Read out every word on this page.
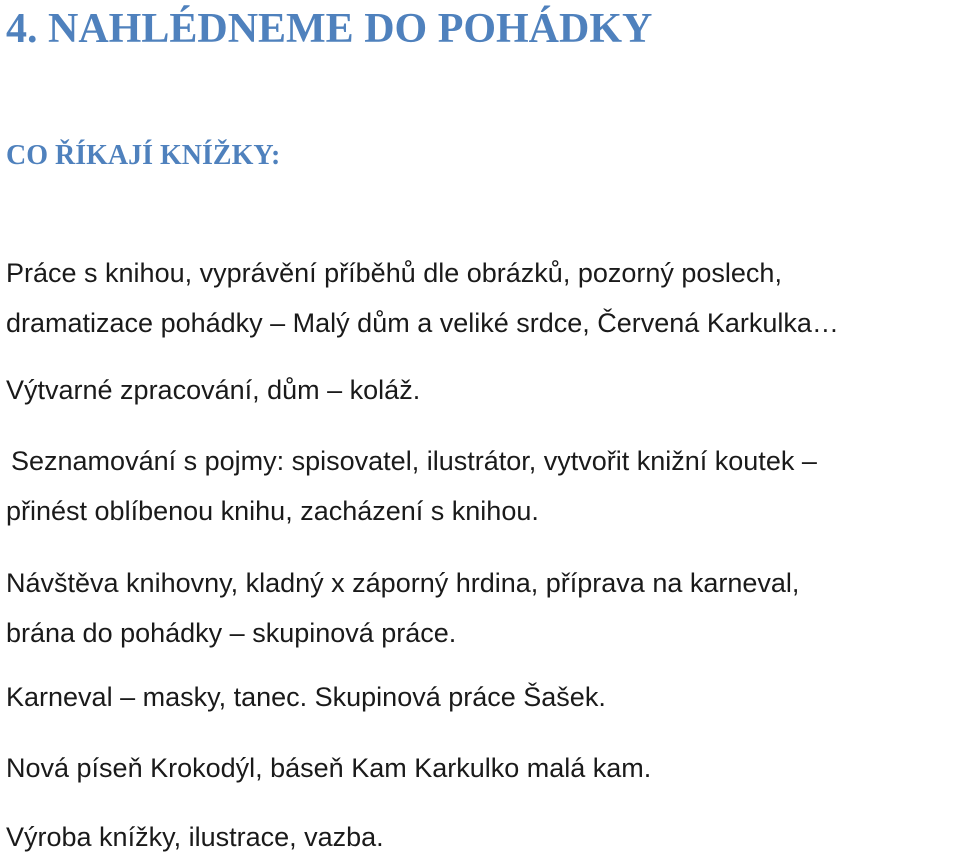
4. NAHLÉDNEME DO POHÁDKY
CO ŘÍKAJÍ KNÍŽKY:

Práce s knihou, vyprávění příběhů dle obrázků, pozorný poslech,
dramatizace pohádky – Malý dům a veliké srdce, Červená Karkulka…

Výtvarné zpracování, dům – koláž.

Seznamování s pojmy: spisovatel, ilustrátor, vytvořit knižní koutek –
přinést oblíbenou knihu, zacházení s knihou.

Návštěva knihovny, kladný x záporný hrdina, příprava na karneval,
brána do pohádky – skupinová práce.

Karneval – masky, tanec. Skupinová práce Šašek.

Nová píseň Krokodýl, báseň Kam Karkulko malá kam.

Výroba knížky, ilustrace, vazba.
